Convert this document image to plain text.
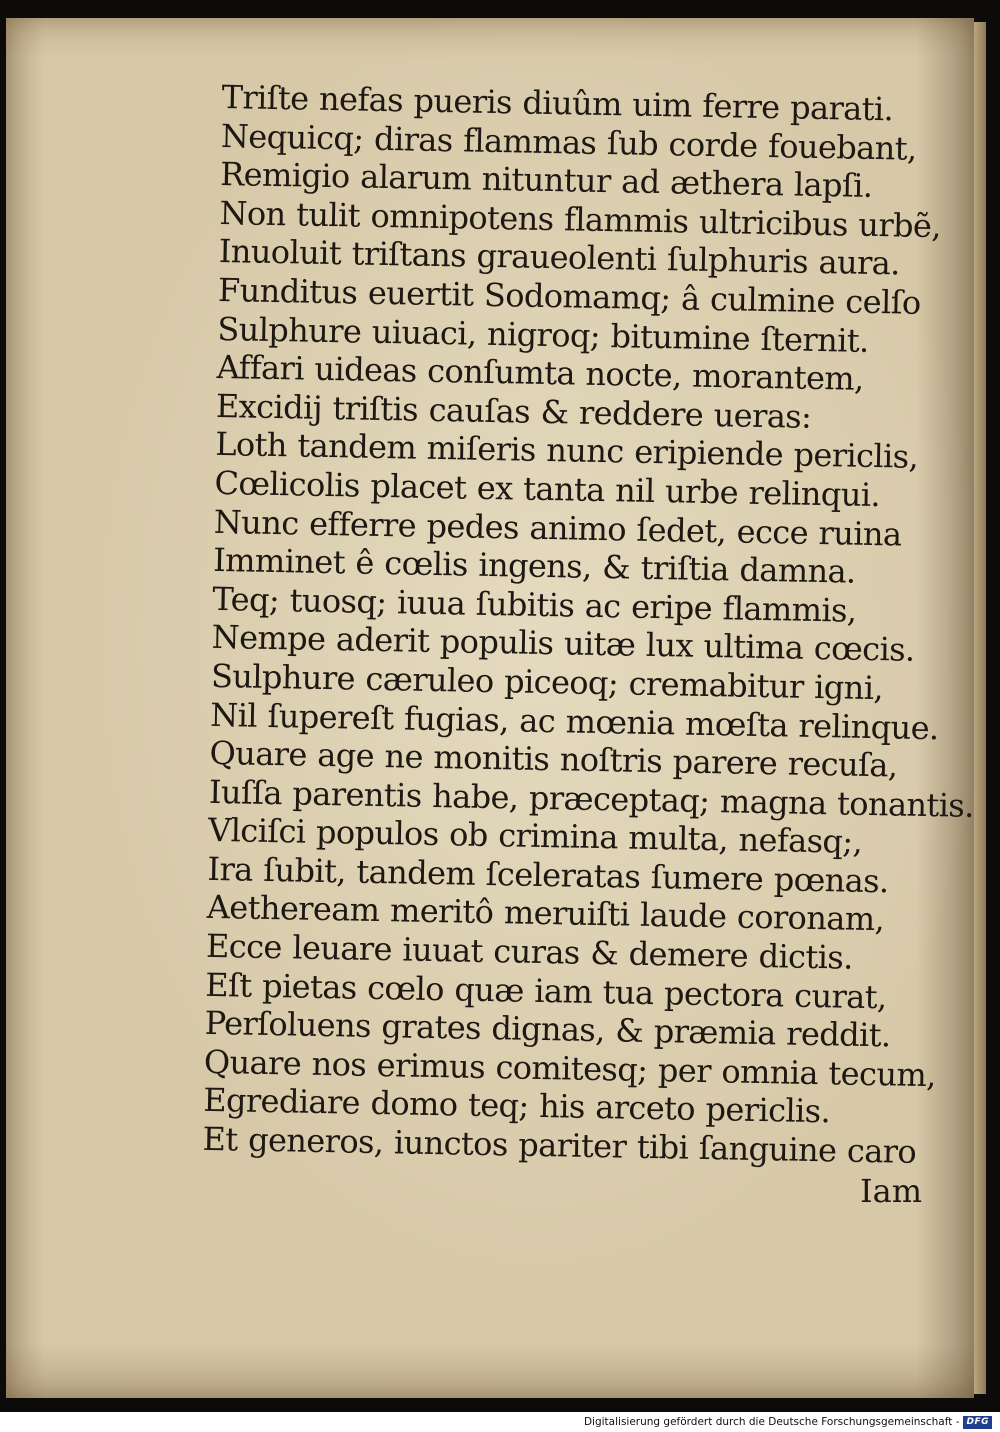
Triſte nefas pueris diuûm uim ferre parati.
Nequicq; diras flammas ſub corde fouebant,
Remigio alarum nituntur ad æthera lapſi.
Non tulit omnipotens flammis ultricibus urbẽ,
Inuoluit triſtans graueolenti ſulphuris aura.
Funditus euertit Sodomamq; â culmine celſo
Sulphure uiuaci, nigroq; bitumine ſternit.
Affari uideas conſumta nocte, morantem,
Excidij triſtis cauſas & reddere ueras:
Loth tandem miſeris nunc eripiende periclis,
Cœlicolis placet ex tanta nil urbe relinqui.
Nunc efferre pedes animo ſedet, ecce ruina
Imminet ê cœlis ingens, & triſtia damna.
Teq; tuosq; iuua ſubitis ac eripe flammis,
Nempe aderit populis uitæ lux ultima cœcis.
Sulphure cæruleo piceoq; cremabitur igni,
Nil ſupereſt fugias, ac mœnia mœſta relinque.
Quare age ne monitis noſtris parere recuſa,
Iuſſa parentis habe, præceptaq; magna tonantis.
Vlciſci populos ob crimina multa, nefasq;,
Ira ſubit, tandem ſceleratas ſumere pœnas.
Aetheream meritô meruiſti laude coronam,
Ecce leuare iuuat curas & demere dictis.
Eſt pietas cœlo quæ iam tua pectora curat,
Perſoluens grates dignas, & præmia reddit.
Quare nos erimus comitesq; per omnia tecum,
Egrediare domo teq; his arceto periclis.
Et generos, iunctos pariter tibi ſanguine caro
Iam
Digitalisierung gefördert durch die Deutsche Forschungsgemeinschaft - DFG
